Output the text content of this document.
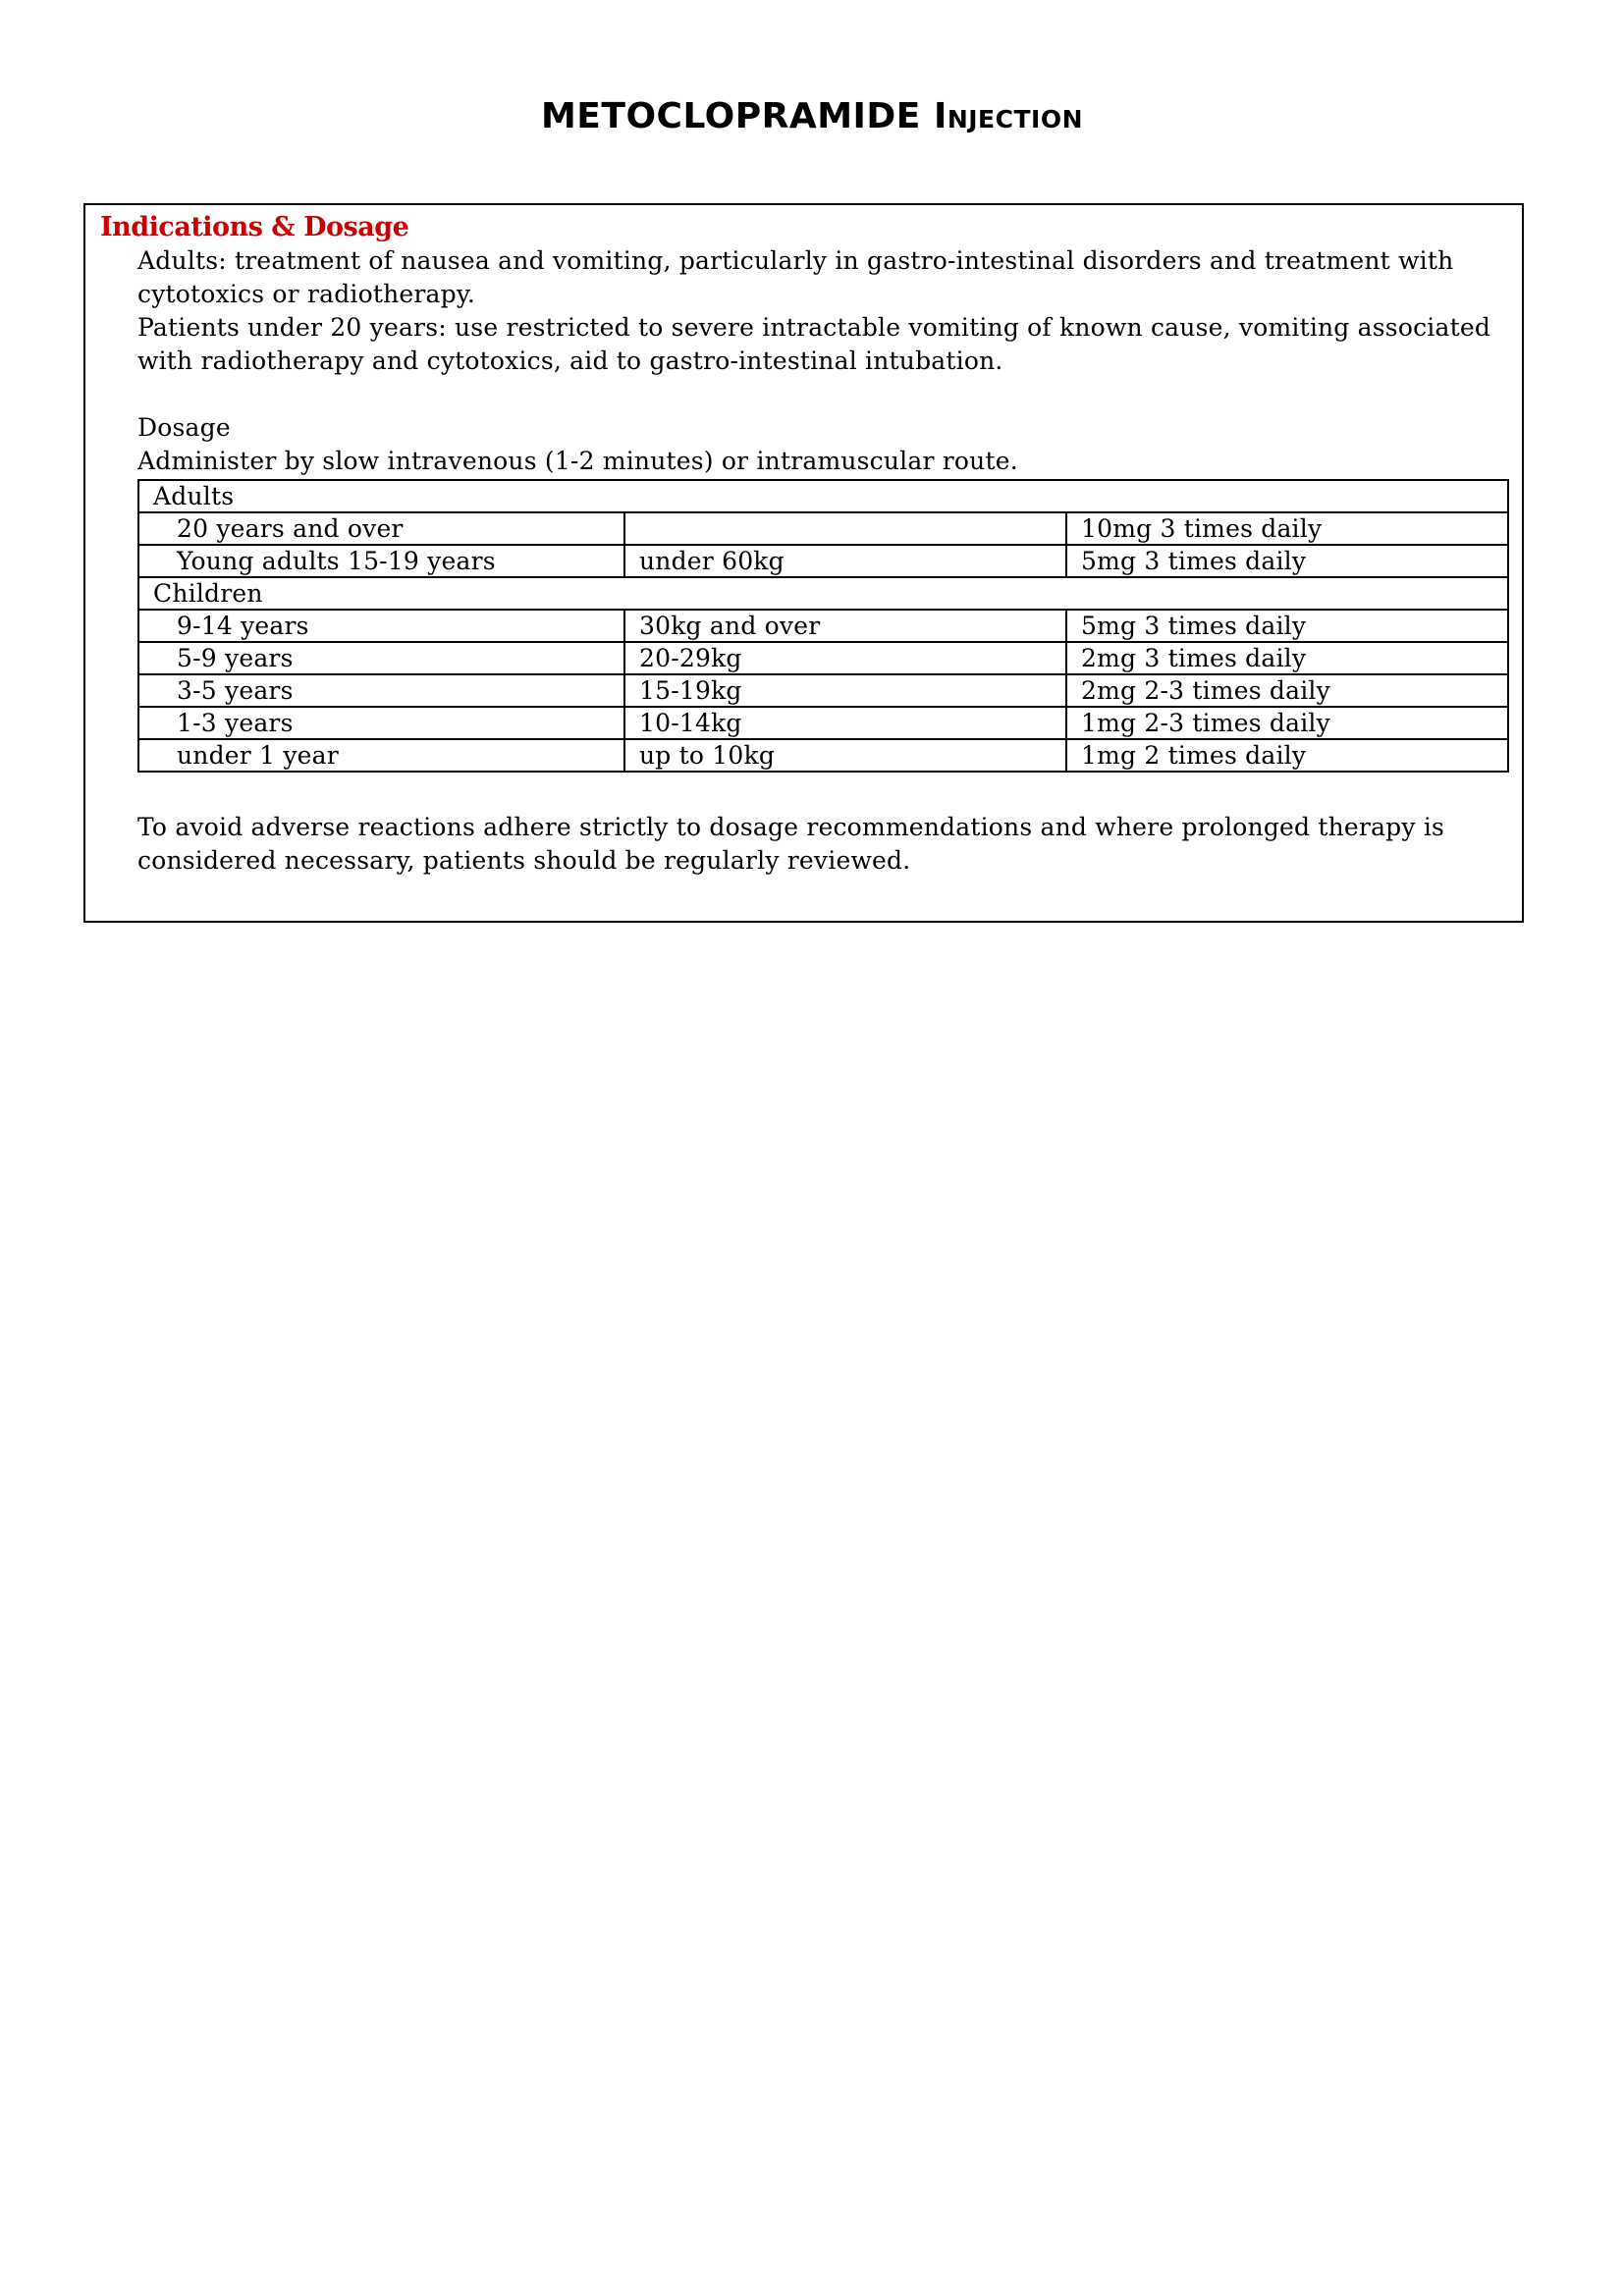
METOCLOPRAMIDE Injection
Indications & Dosage

Adults: treatment of nausea and vomiting, particularly in gastro-intestinal disorders and treatment with cytotoxics or radiotherapy.

Patients under 20 years: use restricted to severe intractable vomiting of known cause, vomiting associated with radiotherapy and cytotoxics, aid to gastro-intestinal intubation.

Dosage

Administer by slow intravenous (1-2 minutes) or intramuscular route.

Adults		
20 years and over		10mg 3 times daily
Young adults 15-19 years	under 60kg	5mg 3 times daily
Children		
9-14 years	30kg and over	5mg 3 times daily
5-9 years	20-29kg	2mg 3 times daily
3-5 years	15-19kg	2mg 2-3 times daily
1-3 years	10-14kg	1mg 2-3 times daily
under 1 year	up to 10kg	1mg 2 times daily

To avoid adverse reactions adhere strictly to dosage recommendations and where prolonged therapy is considered necessary, patients should be regularly reviewed.
